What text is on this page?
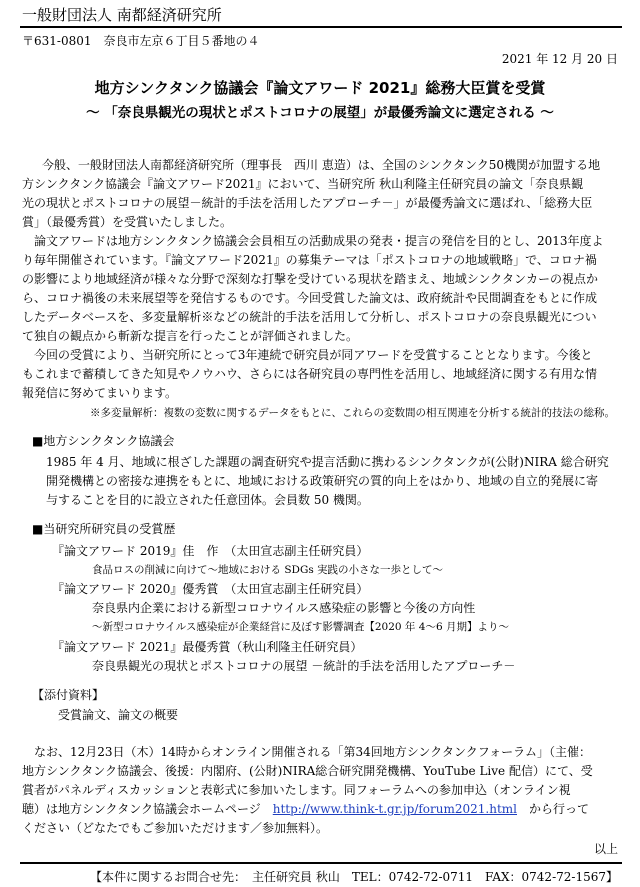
一般財団法人 南都経済研究所
〒631-0801　奈良市左京６丁目５番地の４
2021 年 12 月 20 日
地方シンクタンク協議会『論文アワード 2021』総務大臣賞を受賞
～ 「奈良県観光の現状とポストコロナの展望」が最優秀論文に選定される ～
今般、一般財団法人南都経済研究所（理事長　西川 恵造）は、全国のシンクタンク50機関が加盟する地
方シンクタンク協議会『論文アワード2021』において、当研究所 秋山利隆主任研究員の論文「奈良県観
光の現状とポストコロナの展望－統計的手法を活用したアプローチ－」が最優秀論文に選ばれ、「総務大臣
賞」（最優秀賞）を受賞いたしました。
論文アワードは地方シンクタンク協議会会員相互の活動成果の発表・提言の発信を目的とし、2013年度よ
り毎年開催されています。『論文アワード2021』の募集テーマは「ポストコロナの地域戦略」で、コロナ禍
の影響により地域経済が様々な分野で深刻な打撃を受けている現状を踏まえ、地域シンクタンカーの視点か
ら、コロナ禍後の未来展望等を発信するものです。今回受賞した論文は、政府統計や民間調査をもとに作成
したデータベースを、多変量解析※などの統計的手法を活用して分析し、ポストコロナの奈良県観光につい
て独自の観点から斬新な提言を行ったことが評価されました。
今回の受賞により、当研究所にとって3年連続で研究員が同アワードを受賞することとなります。今後と
もこれまで蓄積してきた知見やノウハウ、さらには各研究員の専門性を活用し、地域経済に関する有用な情
報発信に努めてまいります。
※多変量解析：複数の変数に関するデータをもとに、これらの変数間の相互関連を分析する統計的技法の総称。
■地方シンクタンク協議会
1985 年 4 月、地域に根ざした課題の調査研究や提言活動に携わるシンクタンクが(公財)NIRA 総合研究
開発機構との密接な連携をもとに、地域における政策研究の質的向上をはかり、地域の自立的発展に寄
与することを目的に設立された任意団体。会員数 50 機関。
■当研究所研究員の受賞歴
『論文アワード 2019』佳　作　（太田宣志副主任研究員）
食品ロスの削減に向けて～地域における SDGs 実践の小さな一歩として～
『論文アワード 2020』優秀賞　（太田宣志副主任研究員）
奈良県内企業における新型コロナウイルス感染症の影響と今後の方向性
～新型コロナウイルス感染症が企業経営に及ぼす影響調査【2020 年 4～6 月期】より～
『論文アワード 2021』最優秀賞（秋山利隆主任研究員）
奈良県観光の現状とポストコロナの展望 －統計的手法を活用したアプローチ－
【添付資料】
受賞論文、論文の概要
なお、12月23日（木）14時からオンライン開催される「第34回地方シンクタンクフォーラム」（主催：
地方シンクタンク協議会、後援：内閣府、(公財)NIRA総合研究開発機構、YouTube Live 配信）にて、受
賞者がパネルディスカッションと表彰式に参加いたします。同フォーラムへの参加申込（オンライン視
聴）は地方シンクタンク協議会ホームページ　http://www.think-t.gr.jp/forum2021.html　から行って
ください（どなたでもご参加いただけます／参加無料）。
以上
【本件に関するお問合せ先：　主任研究員 秋山　TEL：0742-72-0711　FAX：0742-72-1567】
